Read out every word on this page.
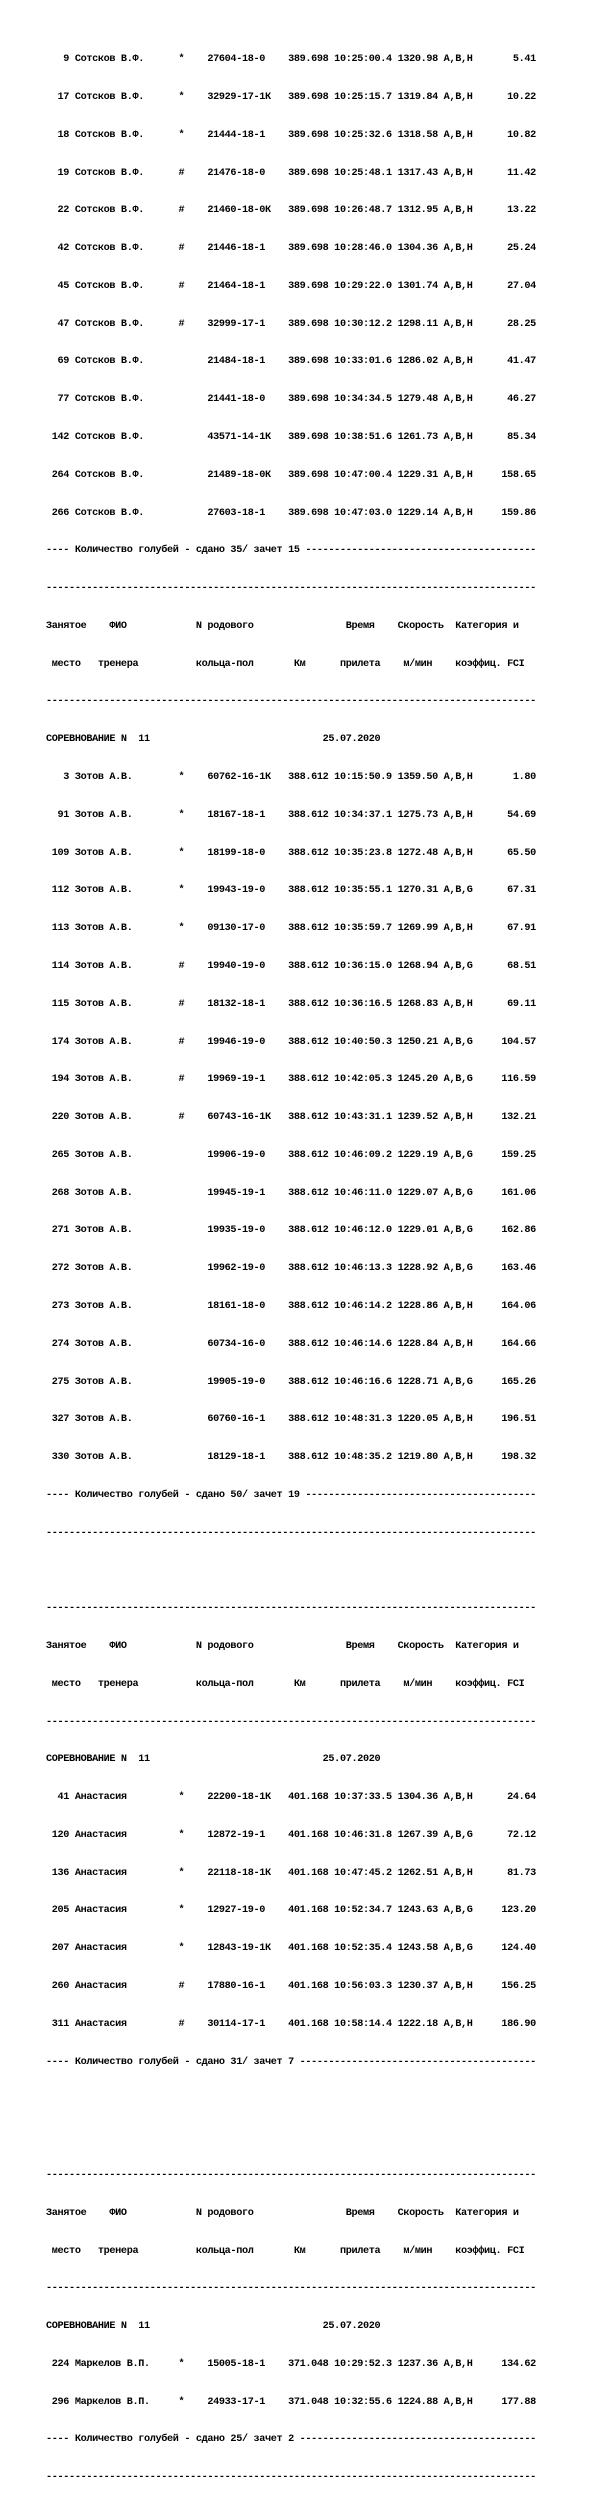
9 Сотсков В.Ф.      *    27604-18-0    389.698 10:25:00.4 1320.98 A,B,H       5.41

17 Сотсков В.Ф.      *    32929-17-1К   389.698 10:25:15.7 1319.84 A,B,H      10.22

18 Сотсков В.Ф.      *    21444-18-1    389.698 10:25:32.6 1318.58 A,B,H      10.82

19 Сотсков В.Ф.      #    21476-18-0    389.698 10:25:48.1 1317.43 A,B,H      11.42

22 Сотсков В.Ф.      #    21460-18-0К   389.698 10:26:48.7 1312.95 A,B,H      13.22

42 Сотсков В.Ф.      #    21446-18-1    389.698 10:28:46.0 1304.36 A,B,H      25.24

45 Сотсков В.Ф.      #    21464-18-1    389.698 10:29:22.0 1301.74 A,B,H      27.04

47 Сотсков В.Ф.      #    32999-17-1    389.698 10:30:12.2 1298.11 A,B,H      28.25

69 Сотсков В.Ф.           21484-18-1    389.698 10:33:01.6 1286.02 A,B,H      41.47

77 Сотсков В.Ф.           21441-18-0    389.698 10:34:34.5 1279.48 A,B,H      46.27

142 Сотсков В.Ф.           43571-14-1К   389.698 10:38:51.6 1261.73 A,B,H      85.34

264 Сотсков В.Ф.           21489-18-0К   389.698 10:47:00.4 1229.31 A,B,H     158.65

266 Сотсков В.Ф.           27603-18-1    389.698 10:47:03.0 1229.14 A,B,H     159.86

---- Количество голубей - сдано 35/ зачет 15 ----------------------------------------

-------------------------------------------------------------------------------------

Занятое    ФИО            N родового                Время    Скорость  Категория и

место   тренера          кольца-пол       Км      прилета    м/мин    коэффиц. FCI

-------------------------------------------------------------------------------------

СОРЕВНОВАНИЕ N  11                              25.07.2020

3 Зотов А.В.        *    60762-16-1К   388.612 10:15:50.9 1359.50 A,B,H       1.80

91 Зотов А.В.        *    18167-18-1    388.612 10:34:37.1 1275.73 A,B,H      54.69

109 Зотов А.В.        *    18199-18-0    388.612 10:35:23.8 1272.48 A,B,H      65.50

112 Зотов А.В.        *    19943-19-0    388.612 10:35:55.1 1270.31 A,B,G      67.31

113 Зотов А.В.        *    09130-17-0    388.612 10:35:59.7 1269.99 A,B,H      67.91

114 Зотов А.В.        #    19940-19-0    388.612 10:36:15.0 1268.94 A,B,G      68.51

115 Зотов А.В.        #    18132-18-1    388.612 10:36:16.5 1268.83 A,B,H      69.11

174 Зотов А.В.        #    19946-19-0    388.612 10:40:50.3 1250.21 A,B,G     104.57

194 Зотов А.В.        #    19969-19-1    388.612 10:42:05.3 1245.20 A,B,G     116.59

220 Зотов А.В.        #    60743-16-1К   388.612 10:43:31.1 1239.52 A,B,H     132.21

265 Зотов А.В.             19906-19-0    388.612 10:46:09.2 1229.19 A,B,G     159.25

268 Зотов А.В.             19945-19-1    388.612 10:46:11.0 1229.07 A,B,G     161.06

271 Зотов А.В.             19935-19-0    388.612 10:46:12.0 1229.01 A,B,G     162.86

272 Зотов А.В.             19962-19-0    388.612 10:46:13.3 1228.92 A,B,G     163.46

273 Зотов А.В.             18161-18-0    388.612 10:46:14.2 1228.86 A,B,H     164.06

274 Зотов А.В.             60734-16-0    388.612 10:46:14.6 1228.84 A,B,H     164.66

275 Зотов А.В.             19905-19-0    388.612 10:46:16.6 1228.71 A,B,G     165.26

327 Зотов А.В.             60760-16-1    388.612 10:48:31.3 1220.05 A,B,H     196.51

330 Зотов А.В.             18129-18-1    388.612 10:48:35.2 1219.80 A,B,H     198.32

---- Количество голубей - сдано 50/ зачет 19 ----------------------------------------

-------------------------------------------------------------------------------------

-------------------------------------------------------------------------------------

Занятое    ФИО            N родового                Время    Скорость  Категория и

место   тренера          кольца-пол       Км      прилета    м/мин    коэффиц. FCI

-------------------------------------------------------------------------------------

СОРЕВНОВАНИЕ N  11                              25.07.2020

41 Анастасия         *    22200-18-1К   401.168 10:37:33.5 1304.36 A,B,H      24.64

120 Анастасия         *    12872-19-1    401.168 10:46:31.8 1267.39 A,B,G      72.12

136 Анастасия         *    22118-18-1К   401.168 10:47:45.2 1262.51 A,B,H      81.73

205 Анастасия         *    12927-19-0    401.168 10:52:34.7 1243.63 A,B,G     123.20

207 Анастасия         *    12843-19-1К   401.168 10:52:35.4 1243.58 A,B,G     124.40

260 Анастасия         #    17880-16-1    401.168 10:56:03.3 1230.37 A,B,H     156.25

311 Анастасия         #    30114-17-1    401.168 10:58:14.4 1222.18 A,B,H     186.90

---- Количество голубей - сдано 31/ зачет 7 -----------------------------------------

-------------------------------------------------------------------------------------

Занятое    ФИО            N родового                Время    Скорость  Категория и

место   тренера          кольца-пол       Км      прилета    м/мин    коэффиц. FCI

-------------------------------------------------------------------------------------

СОРЕВНОВАНИЕ N  11                              25.07.2020

224 Маркелов В.П.     *    15005-18-1    371.048 10:29:52.3 1237.36 A,B,H     134.62

296 Маркелов В.П.     *    24933-17-1    371.048 10:32:55.6 1224.88 A,B,H     177.88

---- Количество голубей - сдано 25/ зачет 2 -----------------------------------------

-------------------------------------------------------------------------------------
